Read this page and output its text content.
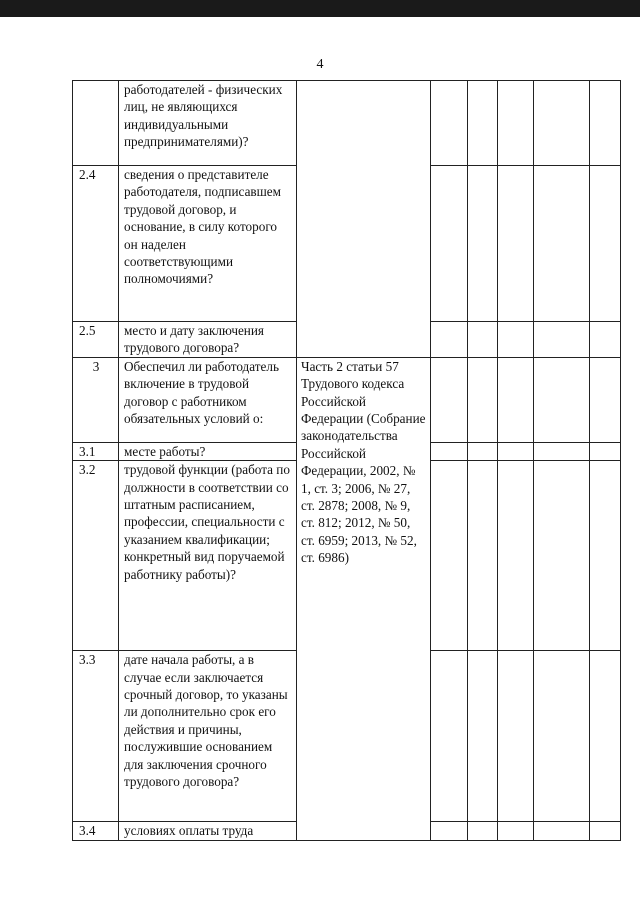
4
	работодателей - физических лиц, не являющихся индивидуальными предпринимателями)?						
2.4	сведения о представителе работодателя, подписавшем трудовой договор, и основание, в силу которого он наделен соответствующими полномочиями?						
2.5	место и дату заключения трудового договора?						
3	Обеспечил ли работодатель включение в трудовой договор с работником обязательных условий о:	Часть 2 статьи 57 Трудового кодекса Российской Федерации (Собрание законодательства Российской Федерации, 2002, № 1, ст. 3; 2006, № 27, ст. 2878; 2008, № 9, ст. 812; 2012, № 50, ст. 6959; 2013, № 52, ст. 6986)					
3.1	месте работы?						
3.2	трудовой функции (работа по должности в соответствии со штатным расписанием, профессии, специальности с указанием квалификации; конкретный вид поручаемой работнику работы)?						
3.3	дате начала работы, а в случае если заключается срочный договор, то указаны ли дополнительно срок его действия и причины, послужившие основанием для заключения срочного трудового договора?						
3.4	условиях оплаты труда						
